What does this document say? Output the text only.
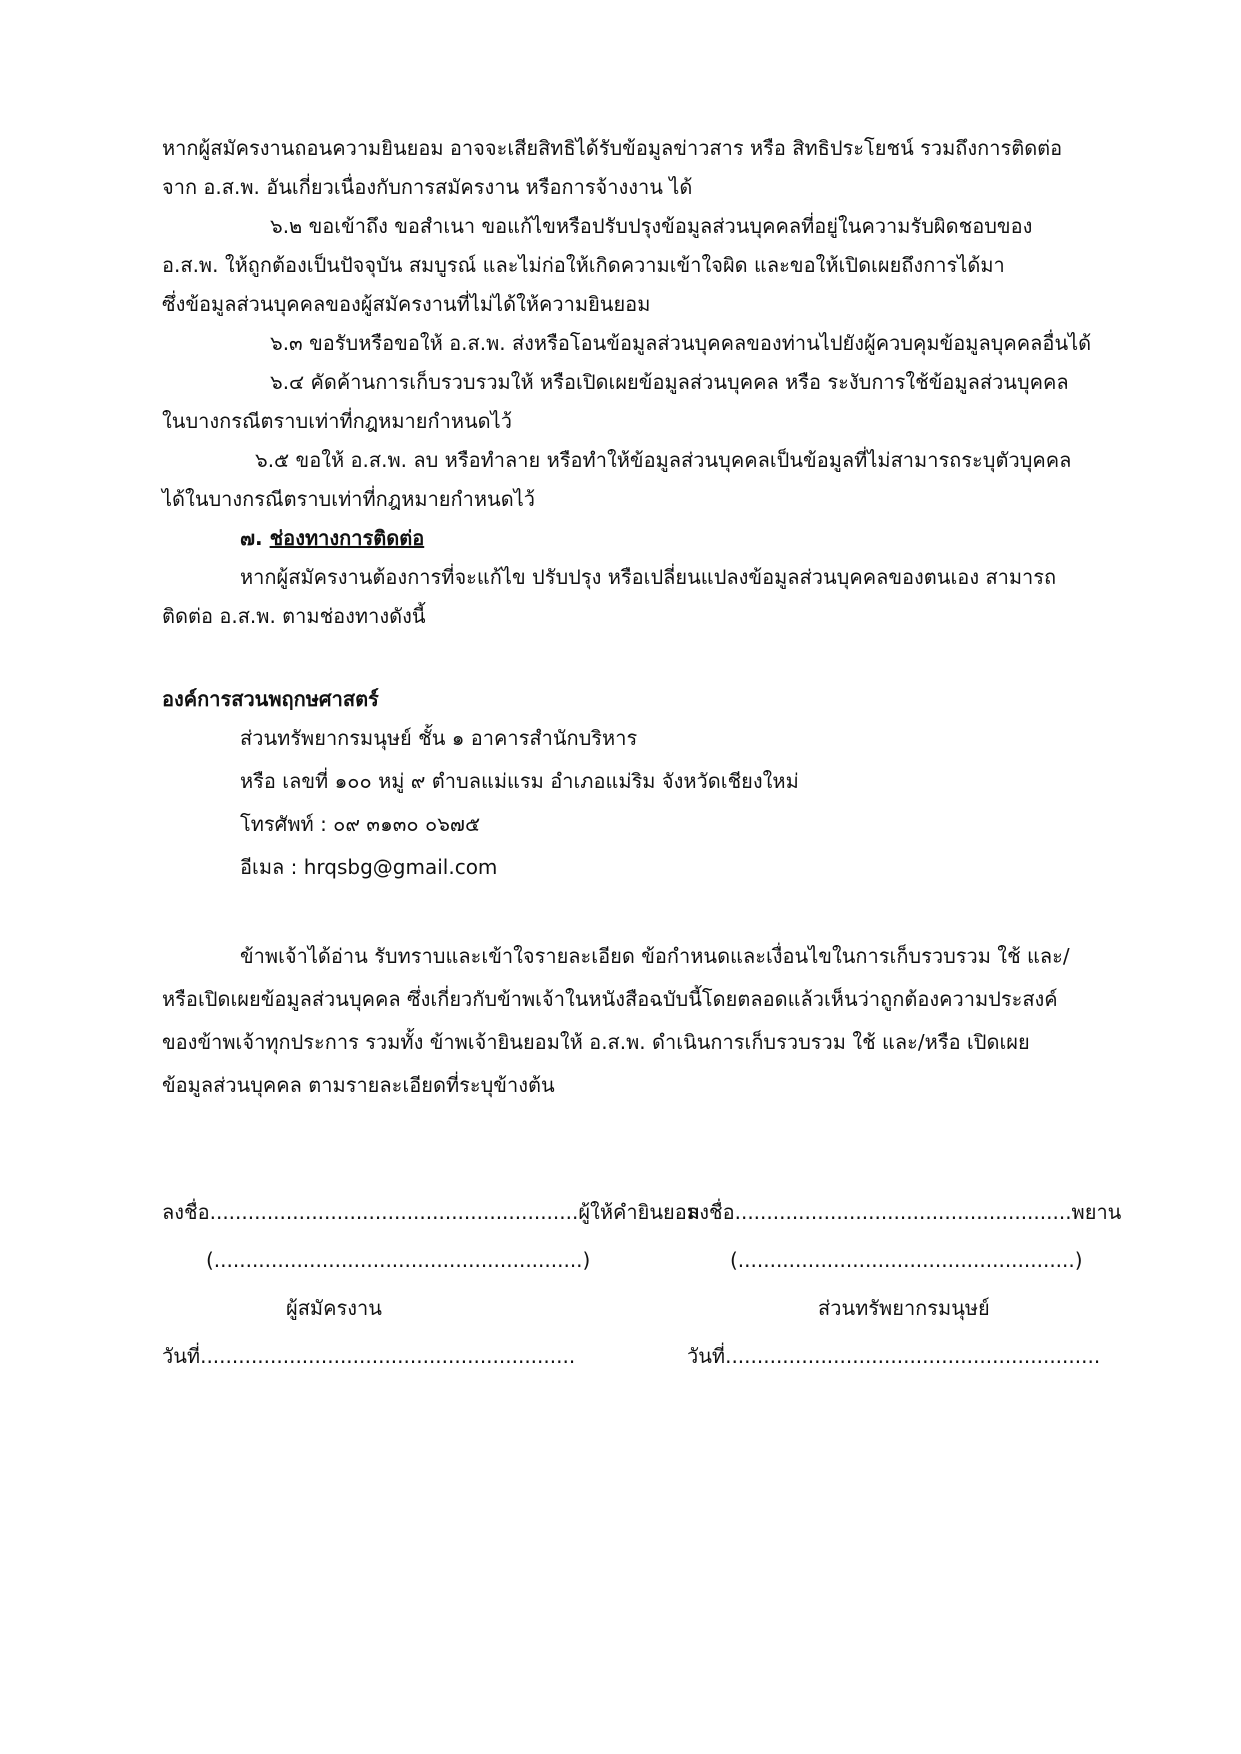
หากผู้สมัครงานถอนความยินยอม อาจจะเสียสิทธิได้รับข้อมูลข่าวสาร หรือ สิทธิประโยชน์ รวมถึงการติดต่อ
จาก อ.ส.พ. อันเกี่ยวเนื่องกับการสมัครงาน หรือการจ้างงาน ได้
๖.๒ ขอเข้าถึง ขอสำเนา ขอแก้ไขหรือปรับปรุงข้อมูลส่วนบุคคลที่อยู่ในความรับผิดชอบของ
อ.ส.พ. ให้ถูกต้องเป็นปัจจุบัน สมบูรณ์ และไม่ก่อให้เกิดความเข้าใจผิด และขอให้เปิดเผยถึงการได้มา
ซึ่งข้อมูลส่วนบุคคลของผู้สมัครงานที่ไม่ได้ให้ความยินยอม
๖.๓ ขอรับหรือขอให้ อ.ส.พ. ส่งหรือโอนข้อมูลส่วนบุคคลของท่านไปยังผู้ควบคุมข้อมูลบุคคลอื่นได้
๖.๔ คัดค้านการเก็บรวบรวมให้ หรือเปิดเผยข้อมูลส่วนบุคคล หรือ ระงับการใช้ข้อมูลส่วนบุคคล
ในบางกรณีตราบเท่าที่กฎหมายกำหนดไว้
๖.๕ ขอให้ อ.ส.พ. ลบ หรือทำลาย หรือทำให้ข้อมูลส่วนบุคคลเป็นข้อมูลที่ไม่สามารถระบุตัวบุคคล
ได้ในบางกรณีตราบเท่าที่กฎหมายกำหนดไว้
๗. ช่องทางการติดต่อ
หากผู้สมัครงานต้องการที่จะแก้ไข ปรับปรุง หรือเปลี่ยนแปลงข้อมูลส่วนบุคคลของตนเอง สามารถ
ติดต่อ อ.ส.พ. ตามช่องทางดังนี้
องค์การสวนพฤกษศาสตร์
ส่วนทรัพยากรมนุษย์ ชั้น ๑ อาคารสำนักบริหาร
หรือ เลขที่ ๑๐๐ หมู่ ๙ ตำบลแม่แรม อำเภอแม่ริม จังหวัดเชียงใหม่
โทรศัพท์ : ๐๙ ๓๑๓๐ ๐๖๗๕
อีเมล : hrqsbg@gmail.com
ข้าพเจ้าได้อ่าน รับทราบและเข้าใจรายละเอียด ข้อกำหนดและเงื่อนไขในการเก็บรวบรวม ใช้ และ/
หรือเปิดเผยข้อมูลส่วนบุคคล ซึ่งเกี่ยวกับข้าพเจ้าในหนังสือฉบับนี้โดยตลอดแล้วเห็นว่าถูกต้องความประสงค์
ของข้าพเจ้าทุกประการ รวมทั้ง ข้าพเจ้ายินยอมให้ อ.ส.พ. ดำเนินการเก็บรวบรวม ใช้ และ/หรือ เปิดเผย
ข้อมูลส่วนบุคคล ตามรายละเอียดที่ระบุข้างต้น
ลงชื่อ..........................................................ผู้ให้คำยินยอม
(..........................................................)
ผู้สมัครงาน
วันที่...........................................................
ลงชื่อ.....................................................พยาน
(.....................................................)
ส่วนทรัพยากรมนุษย์
วันที่...........................................................
